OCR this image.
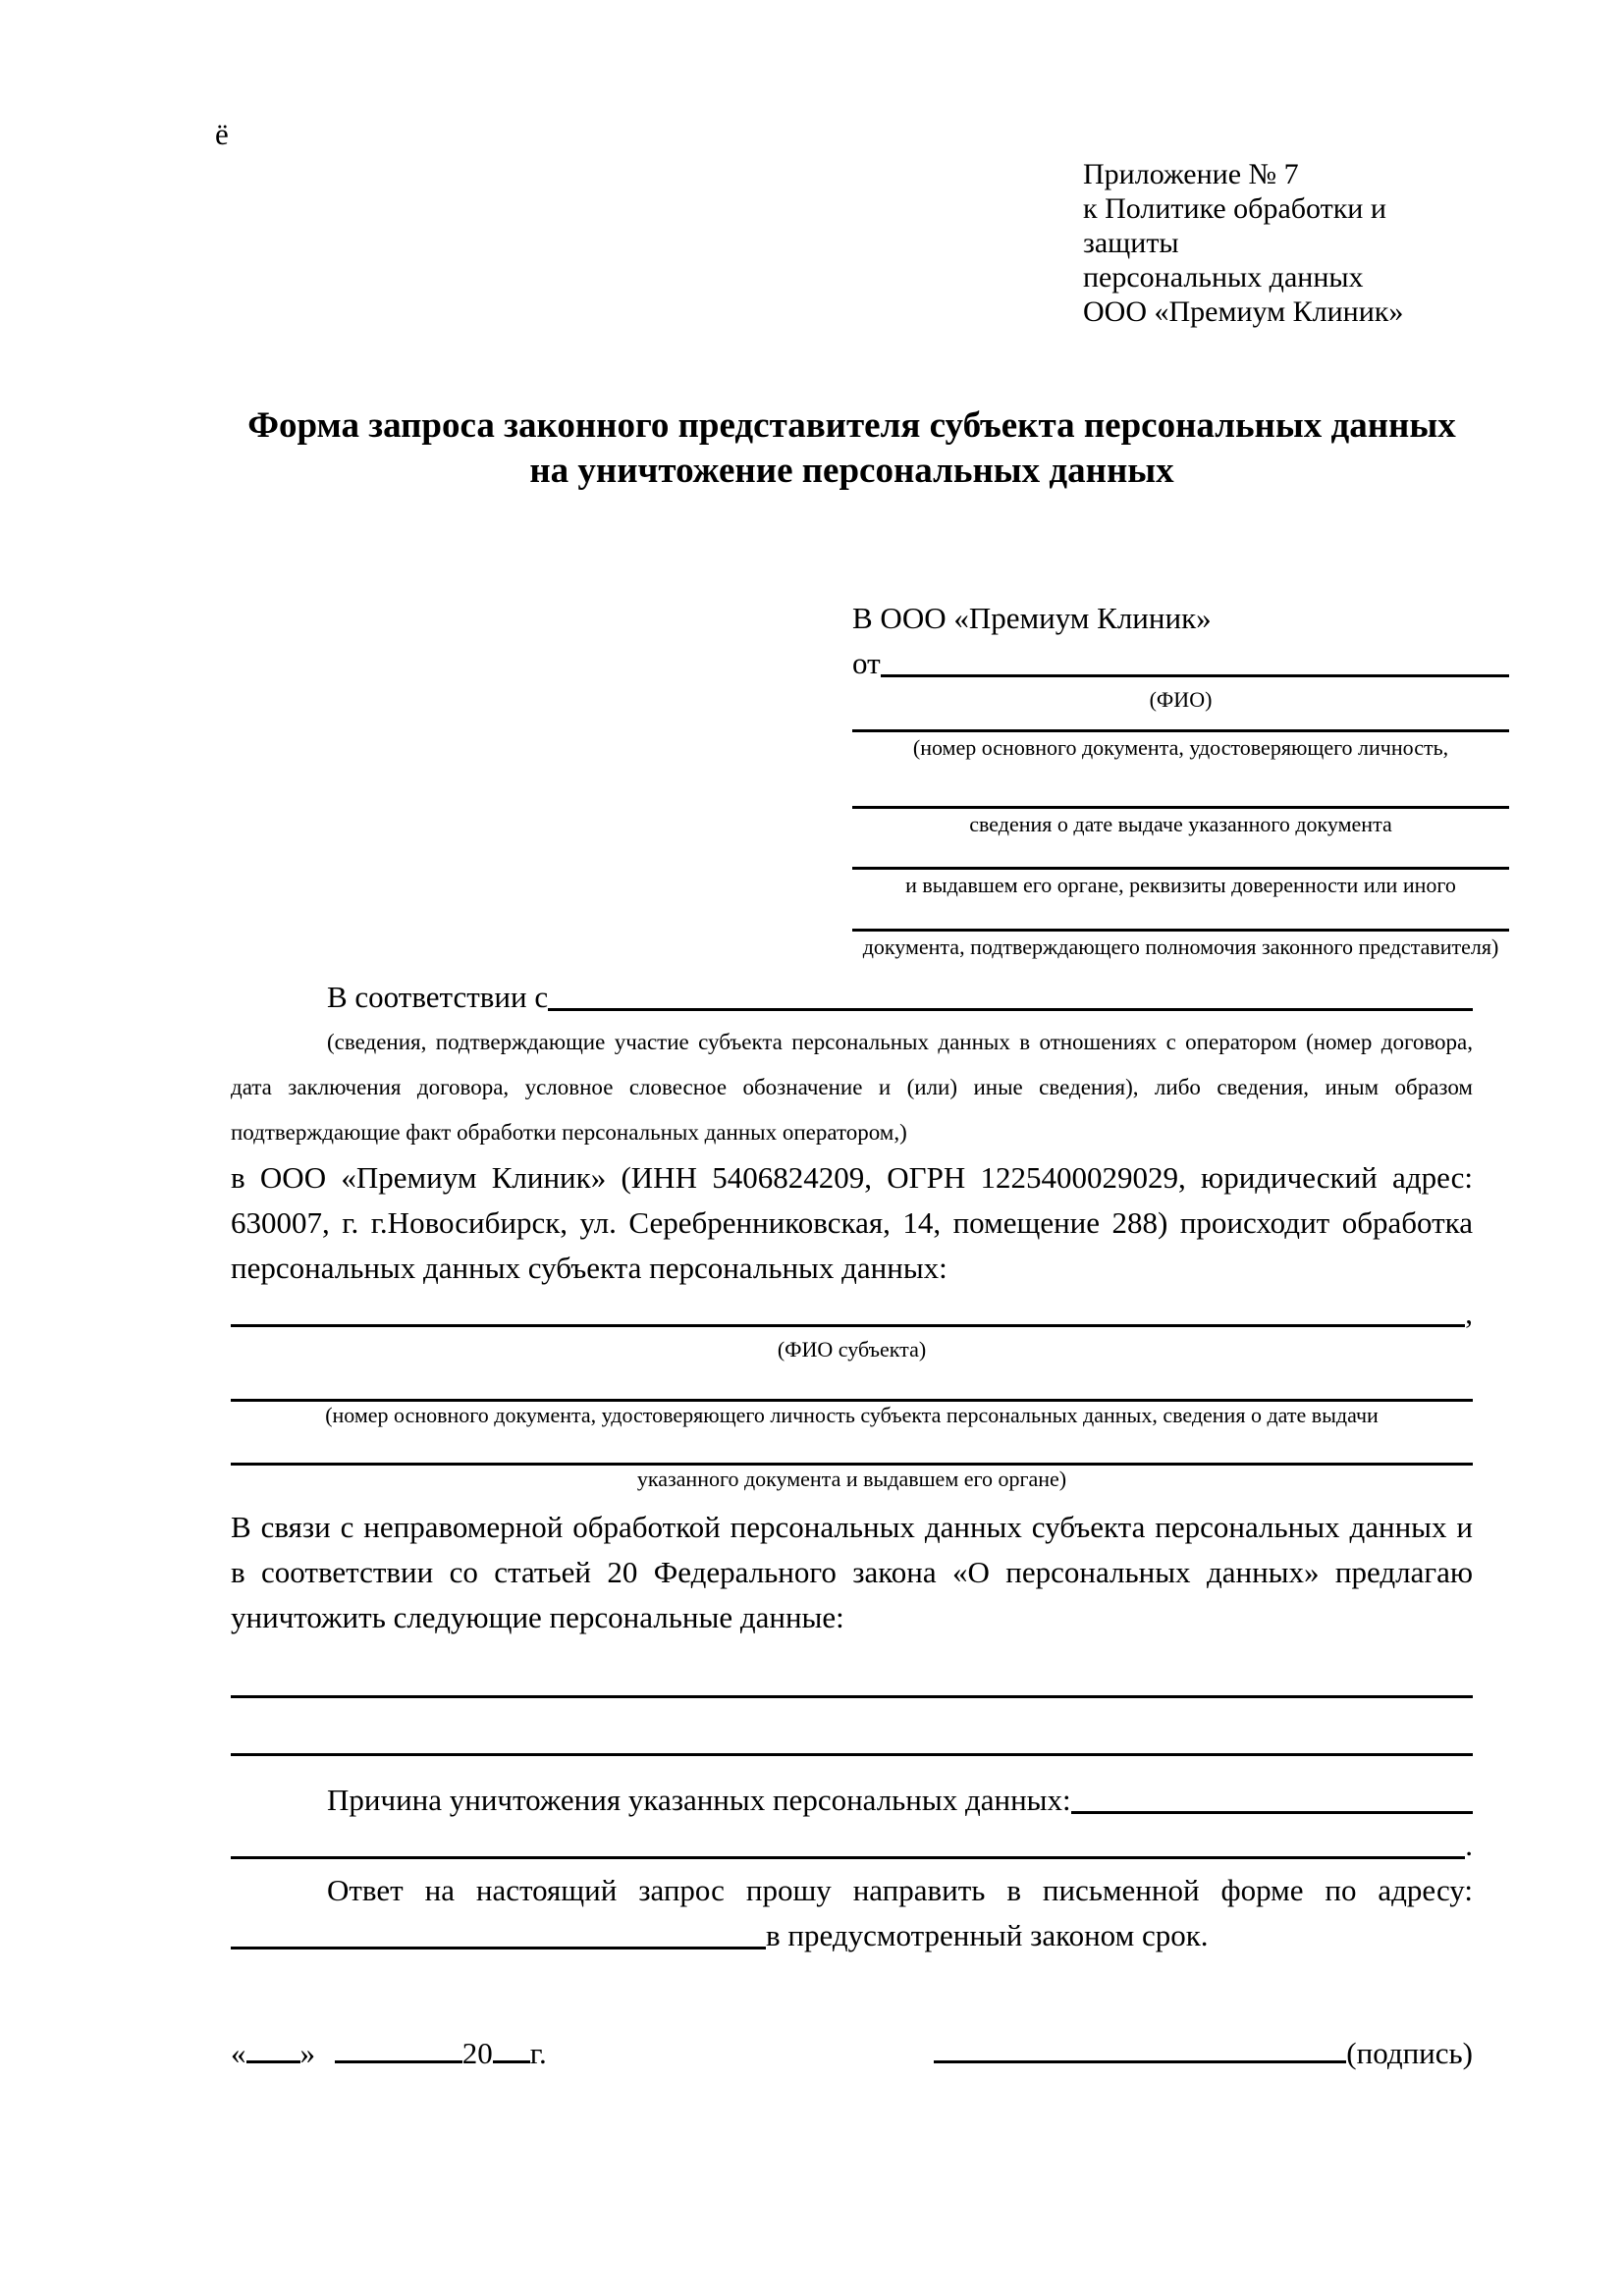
ё
Приложение № 7
к Политике обработки и защиты
персональных данных
ООО «Премиум Клиник»
Форма запроса законного представителя субъекта персональных данных
на уничтожение персональных данных
В ООО «Премиум Клиник»
от
(ФИО)
(номер основного документа, удостоверяющего личность,
сведения о дате выдаче указанного документа
и выдавшем его органе, реквизиты доверенности или иного
документа, подтверждающего полномочия законного представителя)
В соответствии с

(сведения, подтверждающие участие субъекта персональных данных в отношениях с оператором (номер договора, дата заключения договора, условное словесное обозначение и (или) иные сведения), либо сведения, иным образом подтверждающие факт обработки персональных данных оператором,)

в ООО «Премиум Клиник» (ИНН 5406824209, ОГРН 1225400029029, юридический адрес: 630007, г. г.Новосибирск, ул. Серебренниковская, 14, помещение 288) происходит обработка персональных данных субъекта персональных данных:

,
(ФИО субъекта)
(номер основного документа, удостоверяющего личность субъекта персональных данных, сведения о дате выдачи
указанного документа и выдавшем его органе)

В связи с неправомерной обработкой персональных данных субъекта персональных данных и в соответствии со статьей 20 Федерального закона «О персональных данных» предлагаю уничтожить следующие персональные данные:

Причина уничтожения указанных персональных данных:
.

Ответ на настоящий запрос прошу направить в письменной форме по адресу:

в предусмотренный законом срок.
« »	20 г.	(подпись)
